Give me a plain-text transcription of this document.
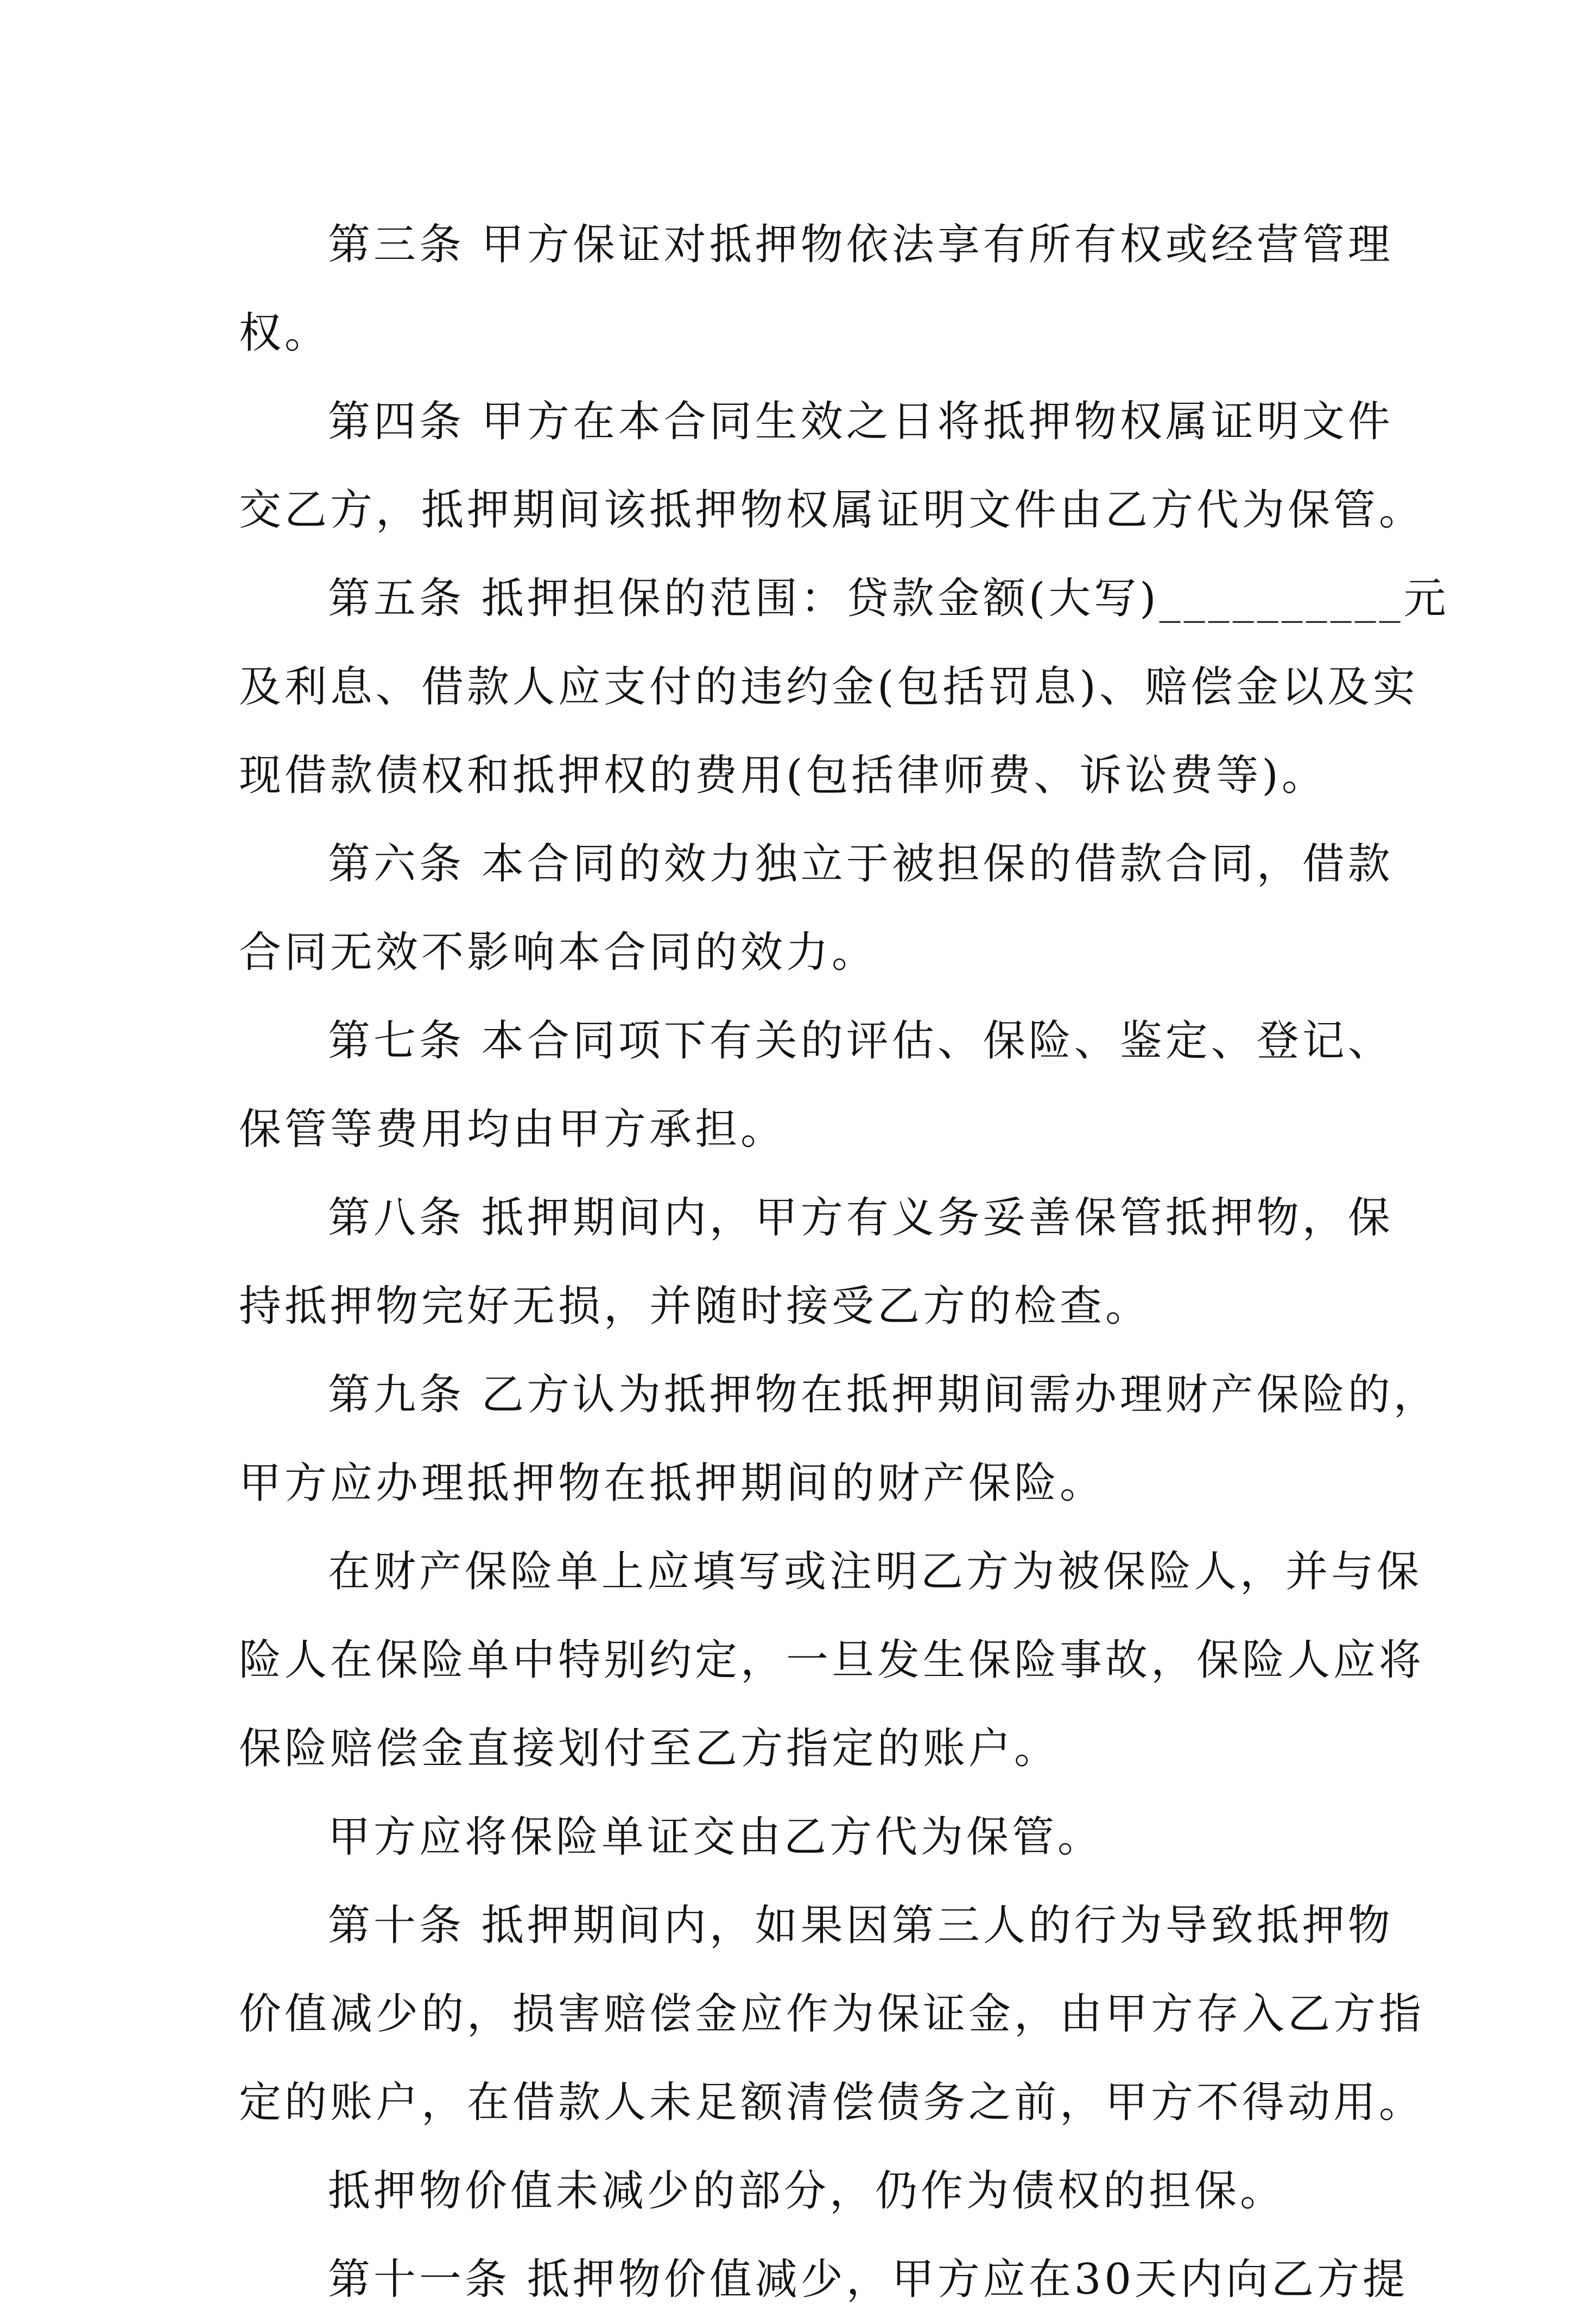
第三条 甲方保证对抵押物依法享有所有权或经营管理
权。
第四条 甲方在本合同生效之日将抵押物权属证明文件
交乙方，抵押期间该抵押物权属证明文件由乙方代为保管。
第五条 抵押担保的范围：贷款金额(大写)__________元
及利息、借款人应支付的违约金(包括罚息)、赔偿金以及实
现借款债权和抵押权的费用(包括律师费、诉讼费等)。
第六条 本合同的效力独立于被担保的借款合同，借款
合同无效不影响本合同的效力。
第七条 本合同项下有关的评估、保险、鉴定、登记、
保管等费用均由甲方承担。
第八条 抵押期间内，甲方有义务妥善保管抵押物，保
持抵押物完好无损，并随时接受乙方的检查。
第九条 乙方认为抵押物在抵押期间需办理财产保险的，
甲方应办理抵押物在抵押期间的财产保险。
在财产保险单上应填写或注明乙方为被保险人，并与保
险人在保险单中特别约定，一旦发生保险事故，保险人应将
保险赔偿金直接划付至乙方指定的账户。
甲方应将保险单证交由乙方代为保管。
第十条 抵押期间内，如果因第三人的行为导致抵押物
价值减少的，损害赔偿金应作为保证金，由甲方存入乙方指
定的账户，在借款人未足额清偿债务之前，甲方不得动用。
抵押物价值未减少的部分，仍作为债权的担保。
第十一条 抵押物价值减少，甲方应在30天内向乙方提
